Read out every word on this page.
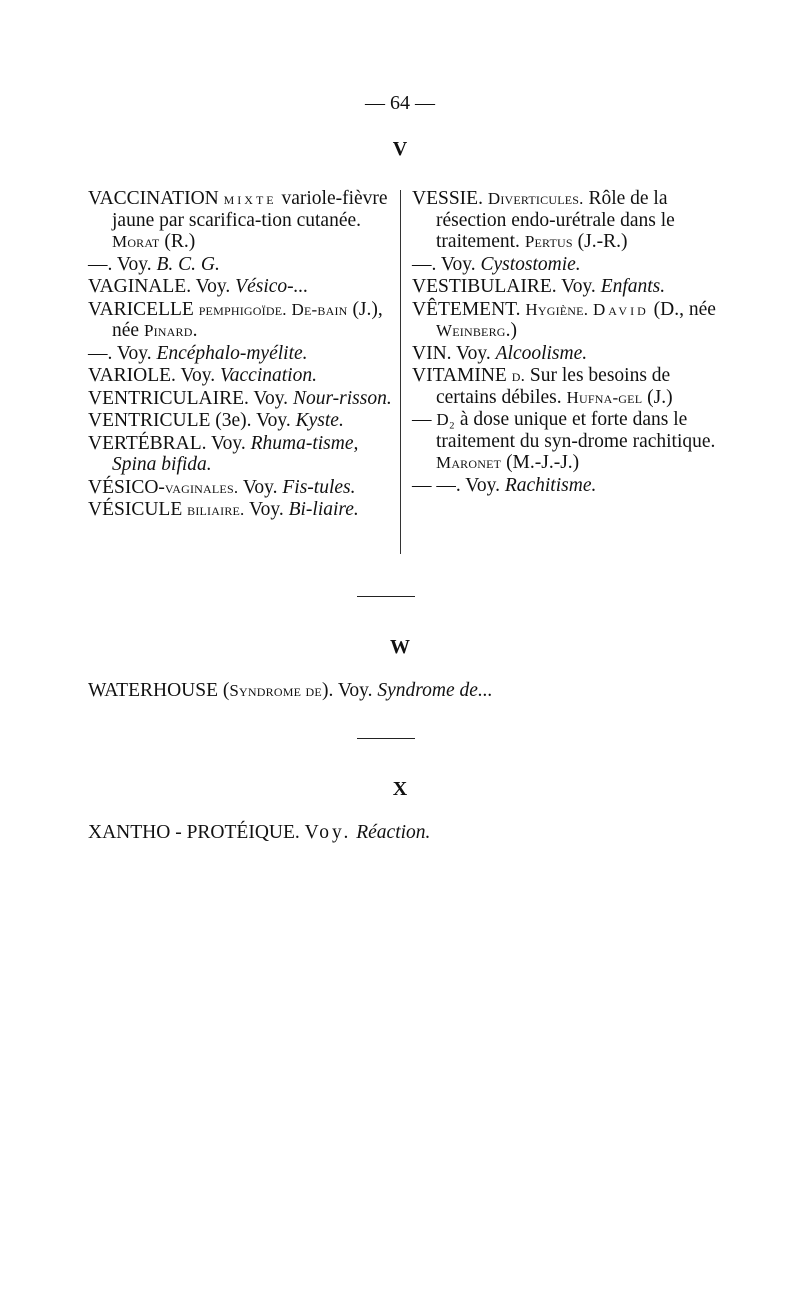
— 64 —
V
VACCINATION mixte variole-fièvre jaune par scarifica-tion cutanée. Morat (R.)
—. Voy. B. C. G.
VAGINALE. Voy. Vésico-...
VARICELLE pemphigoïde. De-bain (J.), née Pinard.
—. Voy. Encéphalo-myélite.
VARIOLE. Voy. Vaccination.
VENTRICULAIRE. Voy. Nour-risson.
VENTRICULE (3e). Voy. Kyste.
VERTÉBRAL. Voy. Rhuma-tisme, Spina bifida.
VÉSICO-vaginales. Voy. Fis-tules.
VÉSICULE biliaire. Voy. Bi-liaire.
VESSIE. Diverticules. Rôle de la résection endo-urétrale dans le traitement. Pertus (J.-R.)
—. Voy. Cystostomie.
VESTIBULAIRE. Voy. Enfants.
VÊTEMENT. Hygiène. David (D., née Weinberg.)
VIN. Voy. Alcoolisme.
VITAMINE d. Sur les besoins de certains débiles. Hufna-gel (J.)
— D₂ à dose unique et forte dans le traitement du syn-drome rachitique. Maronet (M.-J.-J.)
— —. Voy. Rachitisme.
W
WATERHOUSE (Syndrome de). Voy. Syndrome de...
X
XANTHO - PROTÉIQUE. Voy. Réaction.
